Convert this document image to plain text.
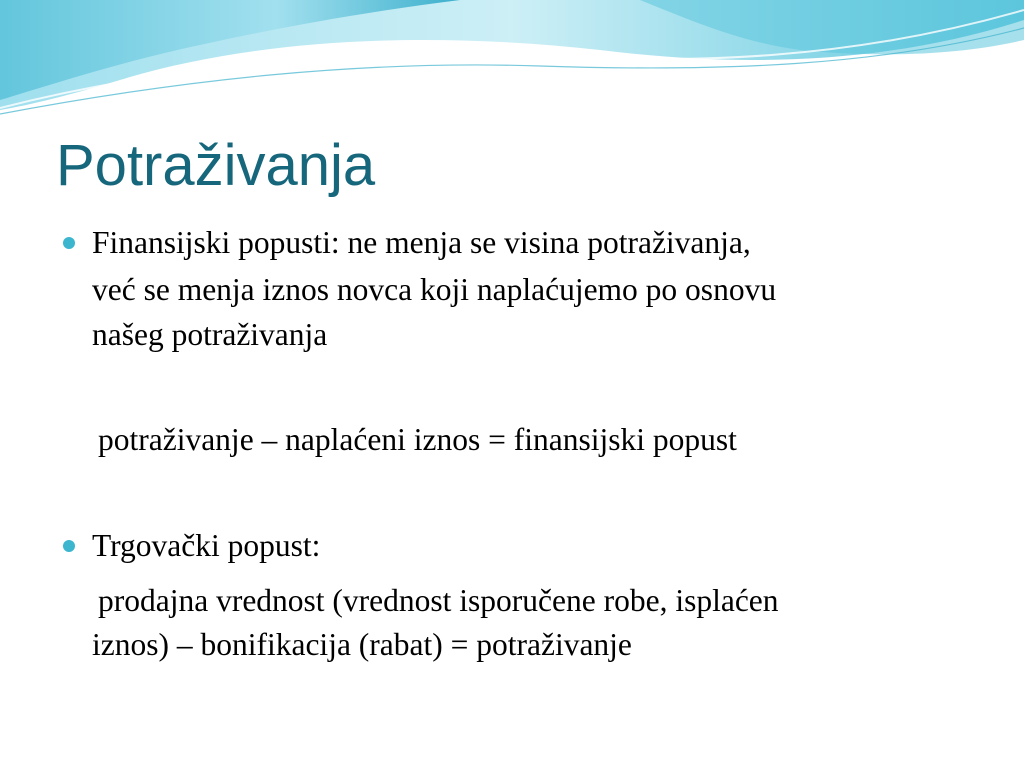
Potraživanja

Finansijski popusti: ne menja se visina potraživanja,

već se menja iznos novca koji naplaćujemo po osnovu

našeg potraživanja

potraživanje – naplaćeni iznos = finansijski popust

Trgovački popust:

prodajna vrednost (vrednost isporučene robe, isplaćen

iznos) – bonifikacija (rabat) = potraživanje
